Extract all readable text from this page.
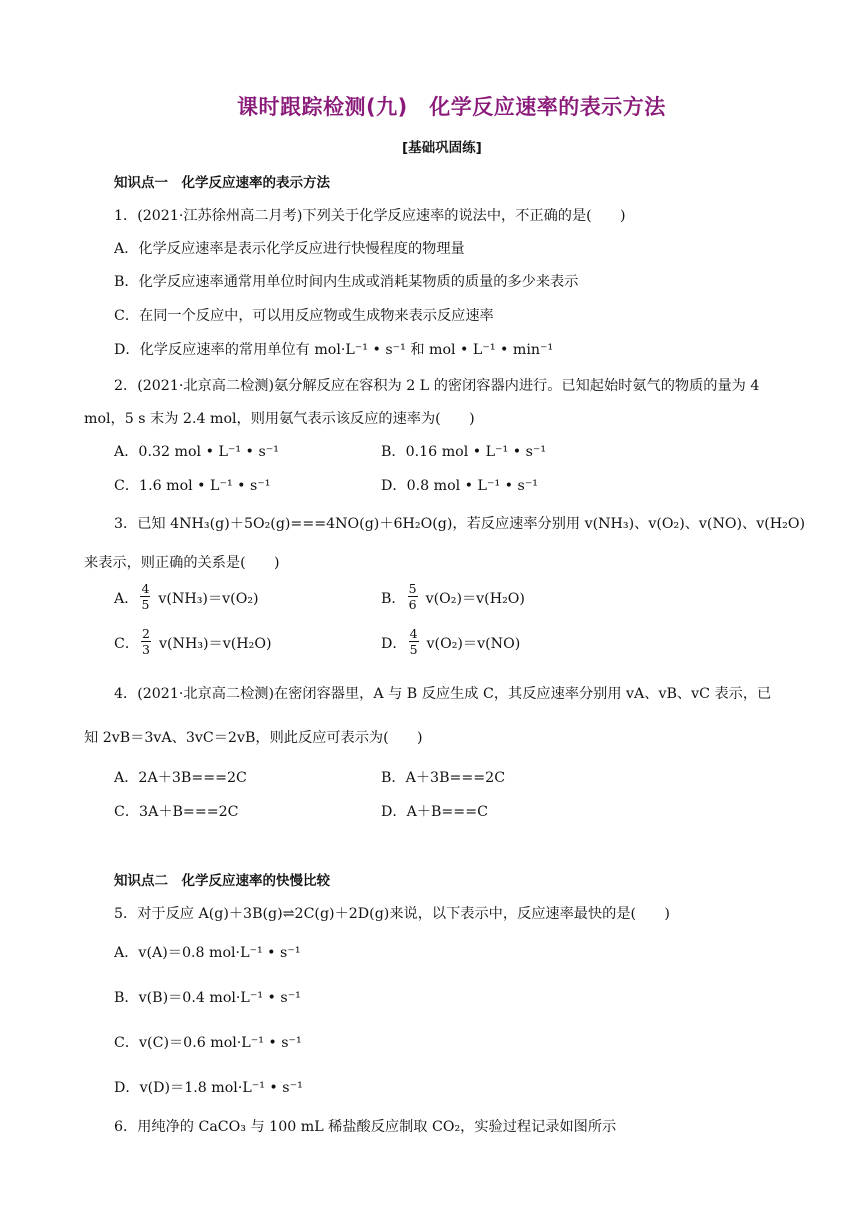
课时跟踪检测(九)　化学反应速率的表示方法
[基础巩固练]
知识点一　化学反应速率的表示方法
1．(2021·江苏徐州高二月考)下列关于化学反应速率的说法中，不正确的是(　　)
A．化学反应速率是表示化学反应进行快慢程度的物理量
B．化学反应速率通常用单位时间内生成或消耗某物质的质量的多少来表示
C．在同一个反应中，可以用反应物或生成物来表示反应速率
D．化学反应速率的常用单位有 mol·L⁻¹ • s⁻¹ 和 mol • L⁻¹ • min⁻¹
2．(2021·北京高二检测)氨分解反应在容积为 2 L 的密闭容器内进行。已知起始时氨气的物质的量为 4
mol，5 s 末为 2.4 mol，则用氨气表示该反应的速率为(　　)
A．0.32 mol • L⁻¹ • s⁻¹	B．0.16 mol • L⁻¹ • s⁻¹
C．1.6 mol • L⁻¹ • s⁻¹	D．0.8 mol • L⁻¹ • s⁻¹
3．已知 4NH₃(g)＋5O₂(g)===4NO(g)＋6H₂O(g)，若反应速率分别用 v(NH₃)、v(O₂)、v(NO)、v(H₂O)
来表示，则正确的关系是(　　)
A． $\frac{4}{5} v(NH_3)=v(O_2)$	B． $\frac{5}{6} v(O_2)=v(H_2O)$
C． $\frac{2}{3} v(NH_3)=v(H_2O)$	D． $\frac{4}{5} v(O_2)=v(NO)$
4．(2021·北京高二检测)在密闭容器里，A 与 B 反应生成 C，其反应速率分别用 vA、vB、vC 表示，已
知 2vB＝3vA、3vC＝2vB，则此反应可表示为(　　)
A．2A＋3B===2C	B．A＋3B===2C
C．3A＋B===2C	D．A＋B===C
知识点二　化学反应速率的快慢比较
5．对于反应 A(g)＋3B(g)⇌2C(g)＋2D(g)来说，以下表示中，反应速率最快的是(　　)
A．v(A)＝0.8 mol·L⁻¹ • s⁻¹
B．v(B)＝0.4 mol·L⁻¹ • s⁻¹
C．v(C)＝0.6 mol·L⁻¹ • s⁻¹
D．v(D)＝1.8 mol·L⁻¹ • s⁻¹
6．用纯净的 CaCO₃ 与 100 mL 稀盐酸反应制取 CO₂，实验过程记录如图所示
